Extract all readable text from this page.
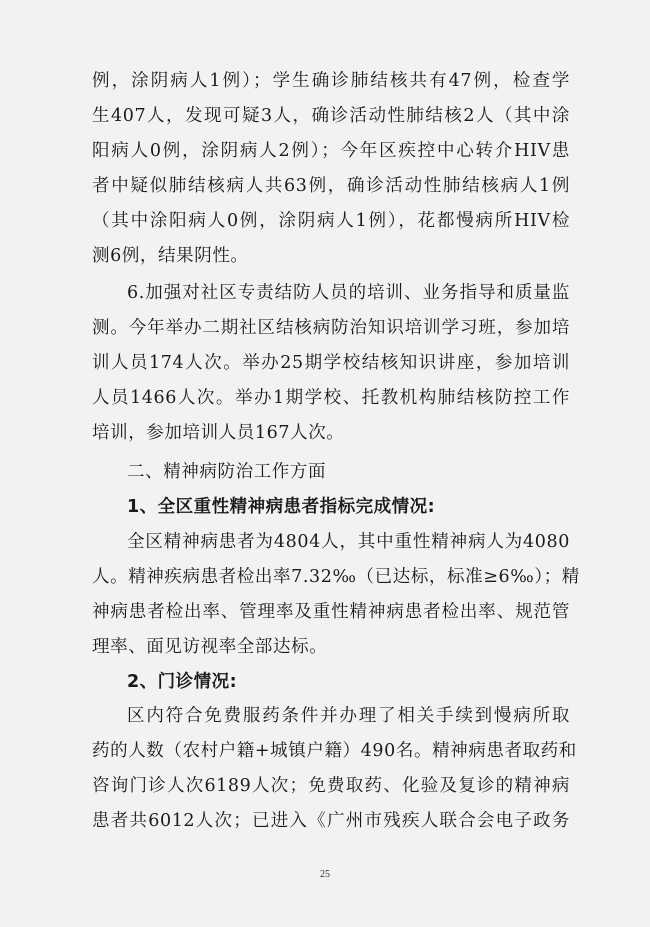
例，涂阴病人1例）；学生确诊肺结核共有47例，检查学
生407人，发现可疑3人，确诊活动性肺结核2人（其中涂
阳病人0例，涂阴病人2例）；今年区疾控中心转介HIV患
者中疑似肺结核病人共63例，确诊活动性肺结核病人1例
（其中涂阳病人0例，涂阴病人1例），花都慢病所HIV检
测6例，结果阴性。
6.加强对社区专责结防人员的培训、业务指导和质量监
测。今年举办二期社区结核病防治知识培训学习班，参加培
训人员174人次。举办25期学校结核知识讲座，参加培训
人员1466人次。举办1期学校、托教机构肺结核防控工作
培训，参加培训人员167人次。
二、精神病防治工作方面
1、全区重性精神病患者指标完成情况:
全区精神病患者为4804人，其中重性精神病人为4080
人。精神疾病患者检出率7.32‰（已达标，标准≥6‰）；精
神病患者检出率、管理率及重性精神病患者检出率、规范管
理率、面见访视率全部达标。
2、门诊情况:
区内符合免费服药条件并办理了相关手续到慢病所取
药的人数（农村户籍+城镇户籍）490名。精神病患者取药和
25
咨询门诊人次6189人次；免费取药、化验及复诊的精神病
患者共6012人次；已进入《广州市残疾人联合会电子政务
